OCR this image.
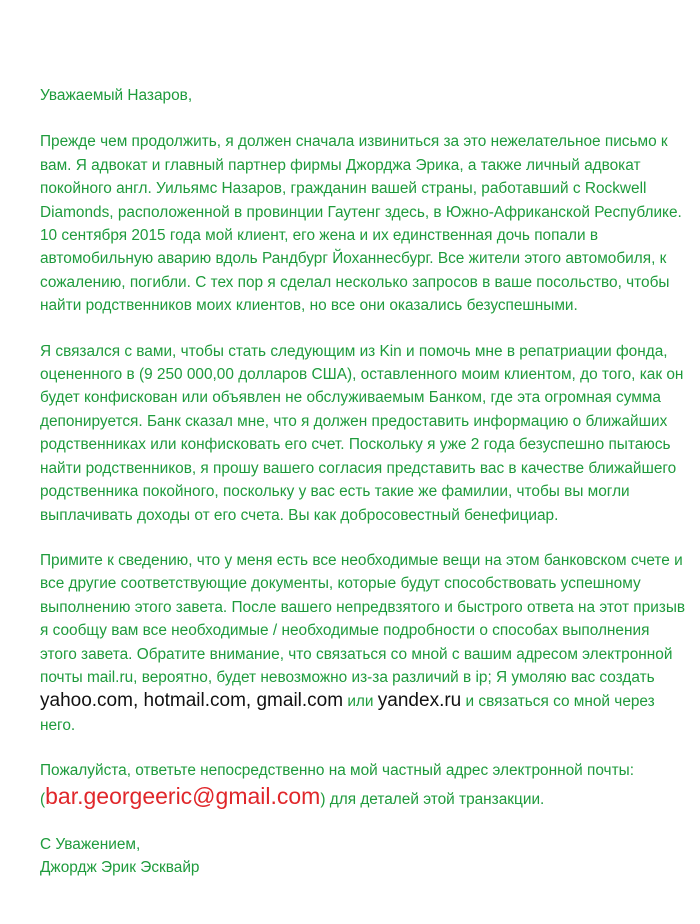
Уважаемый Назаров,

Прежде чем продолжить, я должен сначала извиниться за это нежелательное письмо к вам. Я адвокат и главный партнер фирмы Джорджа Эрика, а также личный адвокат покойного англ. Уильямс Назаров, гражданин вашей страны, работавший с Rockwell Diamonds, расположенной в провинции Гаутенг здесь, в Южно-Африканской Республике. 10 сентября 2015 года мой клиент, его жена и их единственная дочь попали в автомобильную аварию вдоль Рандбург Йоханнесбург. Все жители этого автомобиля, к сожалению, погибли. С тех пор я сделал несколько запросов в ваше посольство, чтобы найти родственников моих клиентов, но все они оказались безуспешными.

Я связался с вами, чтобы стать следующим из Kin и помочь мне в репатриации фонда, оцененного в (9 250 000,00 долларов США), оставленного моим клиентом, до того, как он будет конфискован или объявлен не обслуживаемым Банком, где эта огромная сумма депонируется. Банк сказал мне, что я должен предоставить информацию о ближайших родственниках или конфисковать его счет. Поскольку я уже 2 года безуспешно пытаюсь найти родственников, я прошу вашего согласия представить вас в качестве ближайшего родственника покойного, поскольку у вас есть такие же фамилии, чтобы вы могли выплачивать доходы от его счета. Вы как добросовестный бенефициар.

Примите к сведению, что у меня есть все необходимые вещи на этом банковском счете и все другие соответствующие документы, которые будут способствовать успешному выполнению этого завета. После вашего непредвзятого и быстрого ответа на этот призыв я сообщу вам все необходимые / необходимые подробности о способах выполнения этого завета. Обратите внимание, что связаться со мной с вашим адресом электронной почты mail.ru, вероятно, будет невозможно из-за различий в ip; Я умоляю вас создать yahoo.com, hotmail.com, gmail.com или yandex.ru и связаться со мной через него.

Пожалуйста, ответьте непосредственно на мой частный адрес электронной почты:

(bar.georgeeric@gmail.com) для деталей этой транзакции.

С Уважением,

Джордж Эрик Эсквайр
